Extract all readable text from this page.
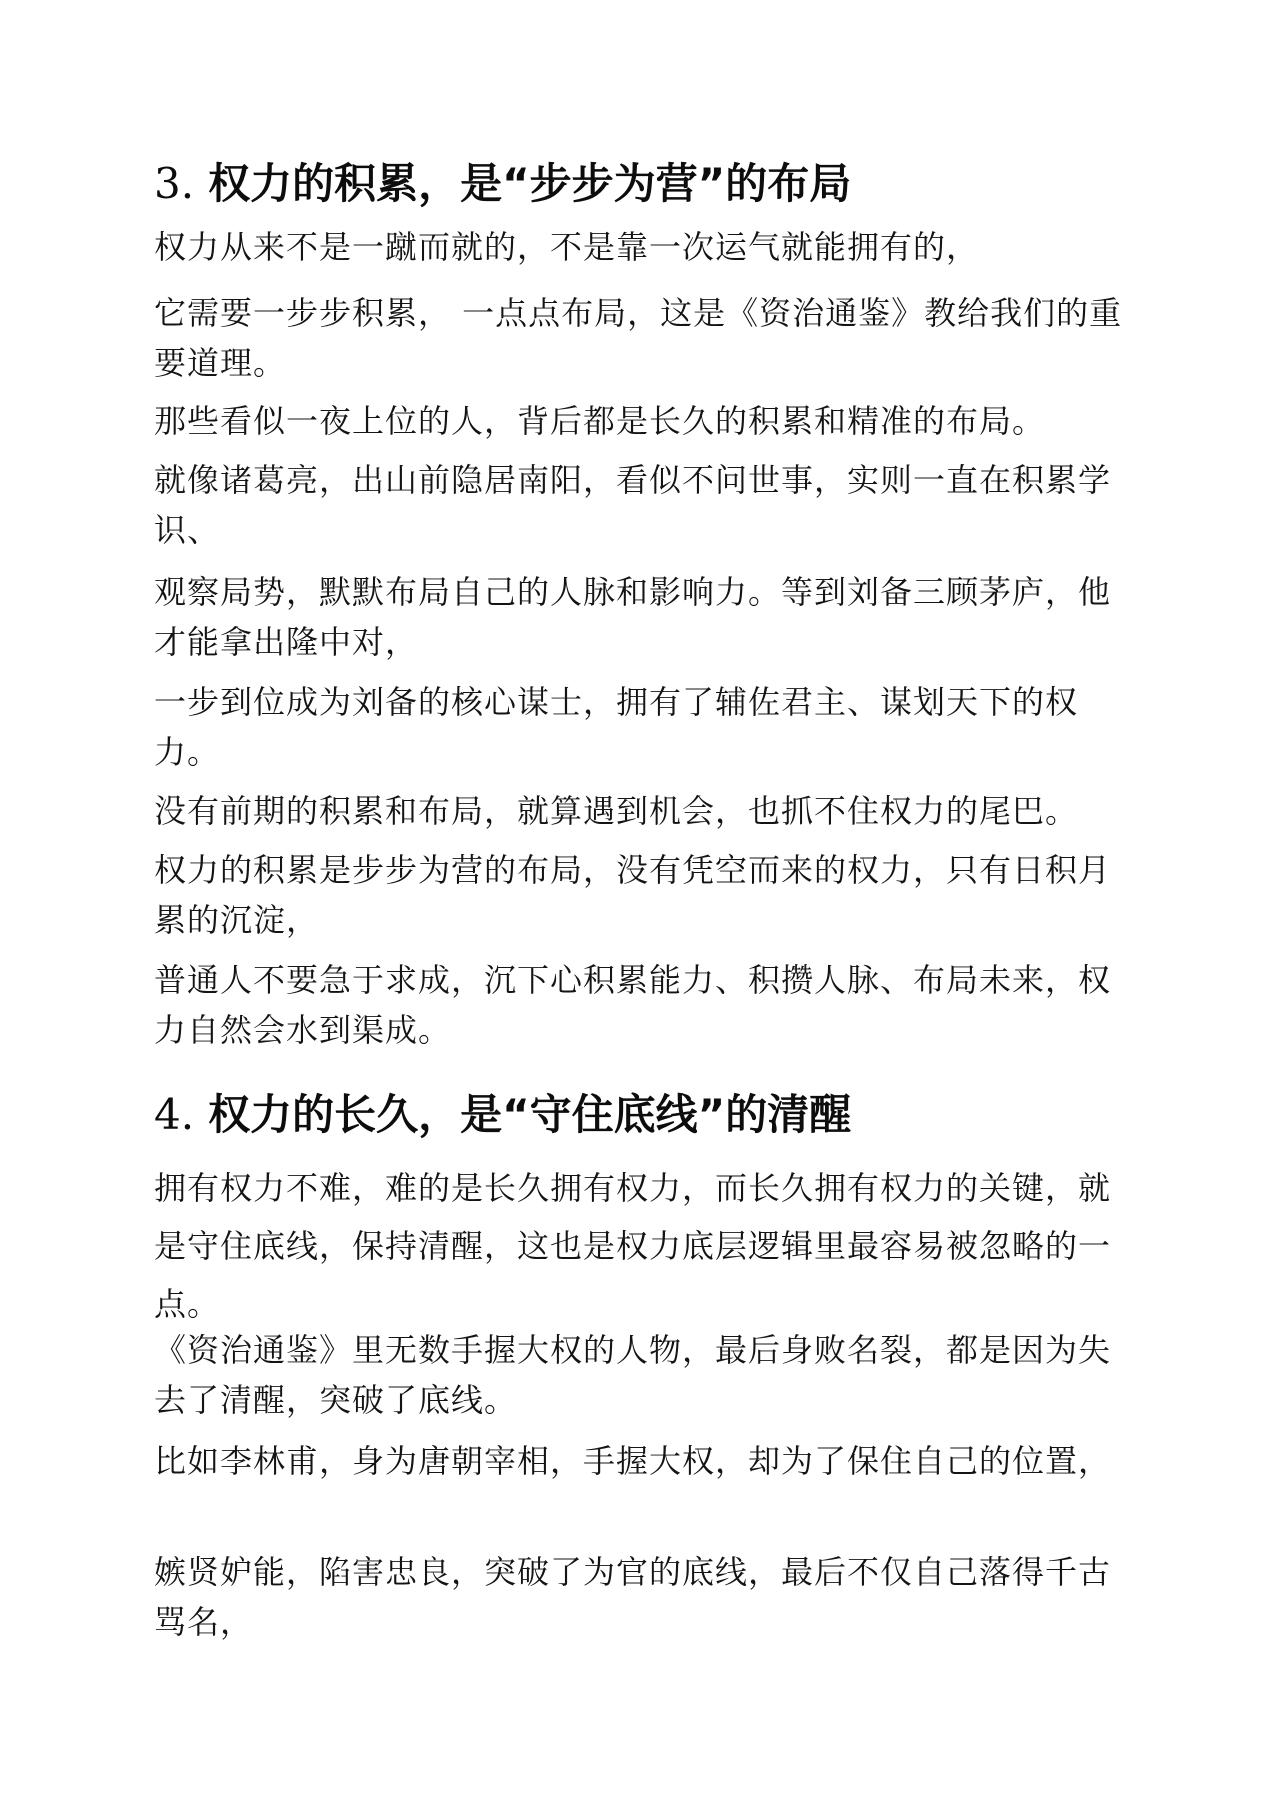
3. 权力的积累，是“步步为营”的布局
权力从来不是一蹴而就的，不是靠一次运气就能拥有的，
它需要一步步积累， 一点点布局，这是《资治通鉴》教给我们的重要道理。
那些看似一夜上位的人，背后都是长久的积累和精准的布局。
就像诸葛亮，出山前隐居南阳，看似不问世事，实则一直在积累学识、
观察局势，默默布局自己的人脉和影响力。等到刘备三顾茅庐，他才能拿出隆中对，
一步到位成为刘备的核心谋士，拥有了辅佐君主、谋划天下的权力。
没有前期的积累和布局，就算遇到机会，也抓不住权力的尾巴。
权力的积累是步步为营的布局，没有凭空而来的权力，只有日积月累的沉淀，
普通人不要急于求成，沉下心积累能力、积攒人脉、布局未来，权力自然会水到渠成。
4. 权力的长久，是“守住底线”的清醒
拥有权力不难，难的是长久拥有权力，而长久拥有权力的关键，就是守住底线，保持清醒，这也是权力底层逻辑里最容易被忽略的一点。
《资治通鉴》里无数手握大权的人物，最后身败名裂，都是因为失去了清醒，突破了底线。
比如李林甫，身为唐朝宰相，手握大权，却为了保住自己的位置，
嫉贤妒能，陷害忠良，突破了为官的底线，最后不仅自己落得千古骂名，
